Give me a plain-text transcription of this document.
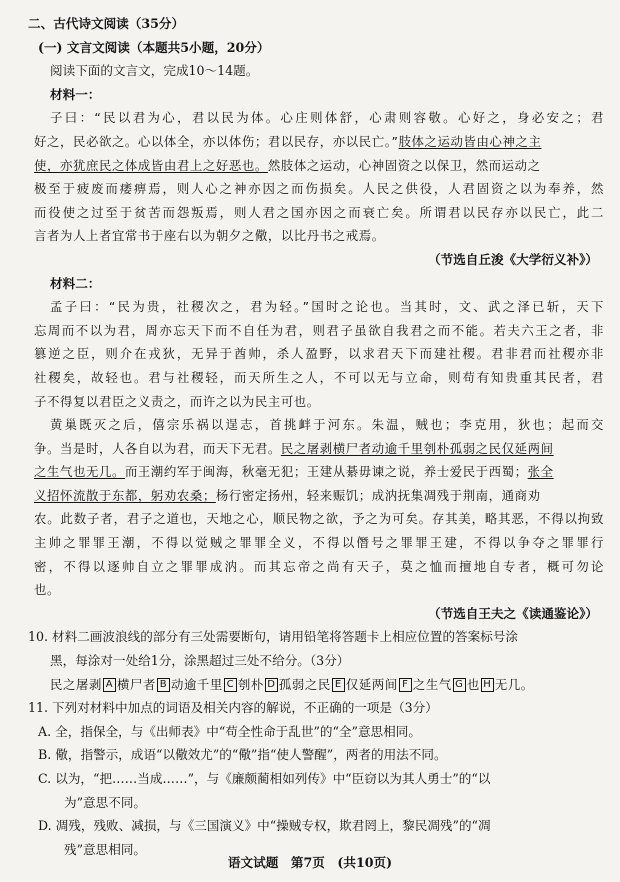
二、古代诗文阅读（35分）
(一) 文言文阅读（本题共5小题，20分）
阅读下面的文言文，完成10～14题。
材料一：
子曰：“民以君为心，君以民为体。心庄则体舒，心肃则容敬。心好之，身必安之；君
好之，民必欲之。心以体全，亦以体伤；君以民存，亦以民亡。”肢体之运动皆由心神之主
使，亦犹庶民之体成皆由君上之好恶也。然肢体之运动，心神固资之以保卫，然而运动之
极至于疲废而痿痹焉，则人心之神亦因之而伤损矣。人民之供役，人君固资之以为奉养，然
而役使之过至于贫苦而怨叛焉，则人君之国亦因之而衰亡矣。所谓君以民存亦以民亡，此二
言者为人上者宜常书于座右以为朝夕之儆，以比丹书之戒焉。
（节选自丘浚《大学衍义补》）
材料二：
孟子曰：“民为贵，社稷次之，君为轻。”国时之论也。当其时，文、武之泽已斩，天下
忘周而不以为君，周亦忘天下而不自任为君，则君子虽欲自我君之而不能。若夫六王之者，非
篡逆之臣，则介在戎狄，无异于酋帅，杀人盈野，以求君天下而建社稷。君非君而社稷亦非
社稷矣，故轻也。君与社稷轻，而天所生之人，不可以无与立命，则苟有知贵重其民者，君
子不得复以君臣之义责之，而许之以为民主可也。
黄巢既灭之后，僖宗乐祸以逞志，首挑衅于河东。朱温，贼也；李克用，狄也；起而交
争。当是时，人各自以为君，而天下无君。民之屠剥横尸者动逾千里刳朴孤弱之民仅延两间
之生气也无几。而王潮约军于闽海，秋毫无犯；王建从綦毋谏之说，养士爱民于西蜀；张全
义招怀流散于东都，躬劝农桑；杨行密定扬州，轻来赈饥；成汭抚集凋残于荆南，通商劝
农。此数子者，君子之道也，天地之心，顺民物之欲，予之为可矣。存其美，略其恶，不得以拘致
主帅之罪罪王潮，不得以觉贼之罪罪全义，不得以僭号之罪罪王建，不得以争夺之罪罪行
密，不得以逐帅自立之罪罪成汭。而其忘帝之尚有天子，莫之恤而擅地自专者，概可勿论
也。
（节选自王夫之《读通鉴论》）
10. 材料二画波浪线的部分有三处需要断句，请用铅笔将答题卡上相应位置的答案标号涂
黑，每涂对一处给1分，涂黑超过三处不给分。（3分）
民之屠剥 A 横尸者 B 动逾千里 C 刳朴 D 孤弱之民 E 仅延两间 F 之生气 G 也 H 无几。
11. 下列对材料中加点的词语及相关内容的解说，不正确的一项是（3分）
A. 全，指保全，与《出师表》中“苟全性命于乱世”的“全”意思相同。
B. 儆，指警示，成语“以儆效尤”的“儆”指“使人警醒”，两者的用法不同。
C. 以为，“把……当成……”，与《廉颇蔺相如列传》中“臣窃以为其人勇士”的“以
为”意思不同。
D. 凋残，残败、减损，与《三国演义》中“操贼专权，欺君罔上，黎民凋残”的“凋
残”意思相同。
语文试题　第7页　(共10页)
